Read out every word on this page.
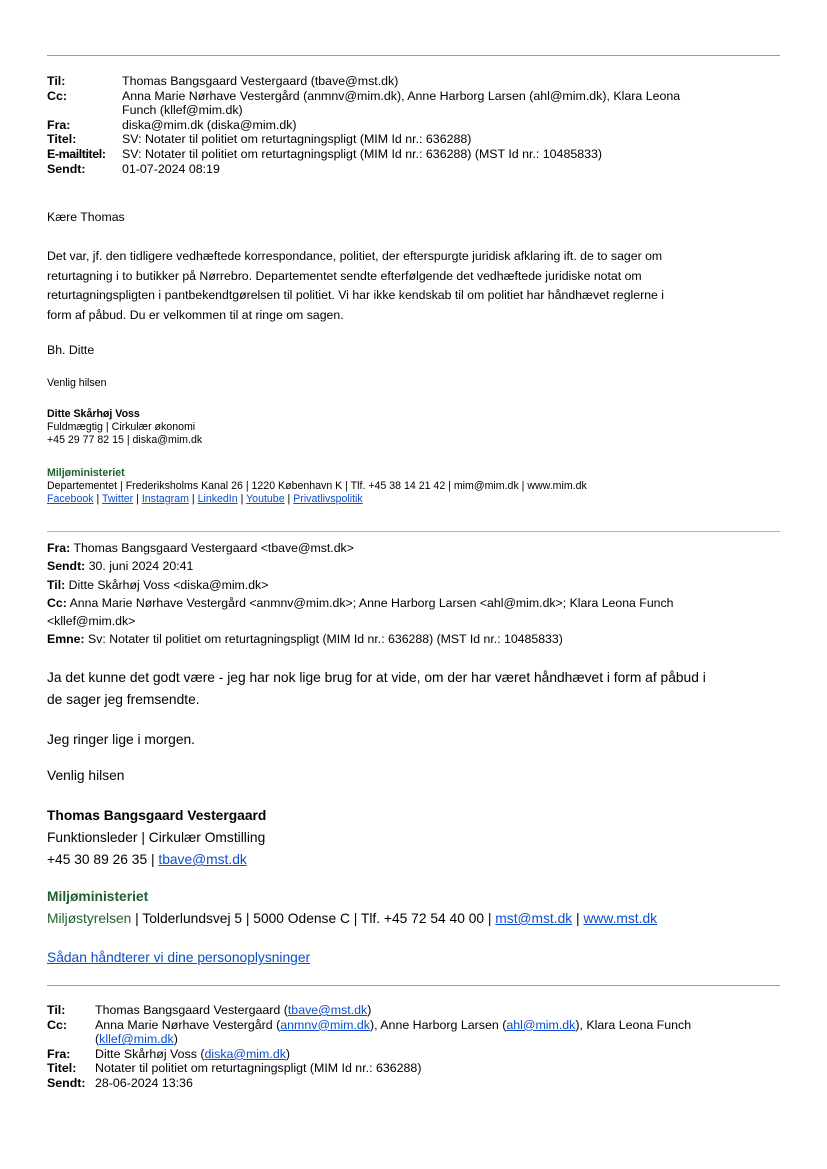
Til:	Thomas Bangsgaard Vestergaard (tbave@mst.dk)
Cc:	Anna Marie Nørhave Vestergård (anmnv@mim.dk), Anne Harborg Larsen (ahl@mim.dk), Klara Leona
Funch (kllef@mim.dk)
Fra:	diska@mim.dk (diska@mim.dk)
Titel:	SV: Notater til politiet om returtagningspligt (MIM Id nr.: 636288)
E-mailtitel:	SV: Notater til politiet om returtagningspligt (MIM Id nr.: 636288) (MST Id nr.: 10485833)
Sendt:	01-07-2024 08:19
Kære Thomas
Det var, jf. den tidligere vedhæftede korrespondance, politiet, der efterspurgte juridisk afklaring ift. de to sager om
returtagning i to butikker på Nørrebro. Departementet sendte efterfølgende det vedhæftede juridiske notat om
returtagningspligten i pantbekendtgørelsen til politiet. Vi har ikke kendskab til om politiet har håndhævet reglerne i
form af påbud. Du er velkommen til at ringe om sagen.
Bh. Ditte
Venlig hilsen
Ditte Skårhøj Voss
Fuldmægtig | Cirkulær økonomi
+45 29 77 82 15 | diska@mim.dk
Miljøministeriet
Departementet | Frederiksholms Kanal 26 | 1220 København K | Tlf. +45 38 14 21 42 | mim@mim.dk | www.mim.dk
Facebook | Twitter | Instagram | LinkedIn | Youtube | Privatlivspolitik
Fra: Thomas Bangsgaard Vestergaard <tbave@mst.dk>
Sendt: 30. juni 2024 20:41
Til: Ditte Skårhøj Voss <diska@mim.dk>
Cc: Anna Marie Nørhave Vestergård <anmnv@mim.dk>; Anne Harborg Larsen <ahl@mim.dk>; Klara Leona Funch
<kllef@mim.dk>
Emne: Sv: Notater til politiet om returtagningspligt (MIM Id nr.: 636288) (MST Id nr.: 10485833)
Ja det kunne det godt være - jeg har nok lige brug for at vide, om der har været håndhævet i form af påbud i
de sager jeg fremsendte.
Jeg ringer lige i morgen.
Venlig hilsen
Thomas Bangsgaard Vestergaard
Funktionsleder | Cirkulær Omstilling
+45 30 89 26 35 | tbave@mst.dk
Miljøministeriet
Miljøstyrelsen | Tolderlundsvej 5 | 5000 Odense C | Tlf. +45 72 54 40 00 | mst@mst.dk | www.mst.dk
Sådan håndterer vi dine personoplysninger
Til:	Thomas Bangsgaard Vestergaard (tbave@mst.dk)
Cc:	Anna Marie Nørhave Vestergård (anmnv@mim.dk), Anne Harborg Larsen (ahl@mim.dk), Klara Leona Funch
(kllef@mim.dk)
Fra:	Ditte Skårhøj Voss (diska@mim.dk)
Titel:	Notater til politiet om returtagningspligt (MIM Id nr.: 636288)
Sendt: 28-06-2024 13:36
